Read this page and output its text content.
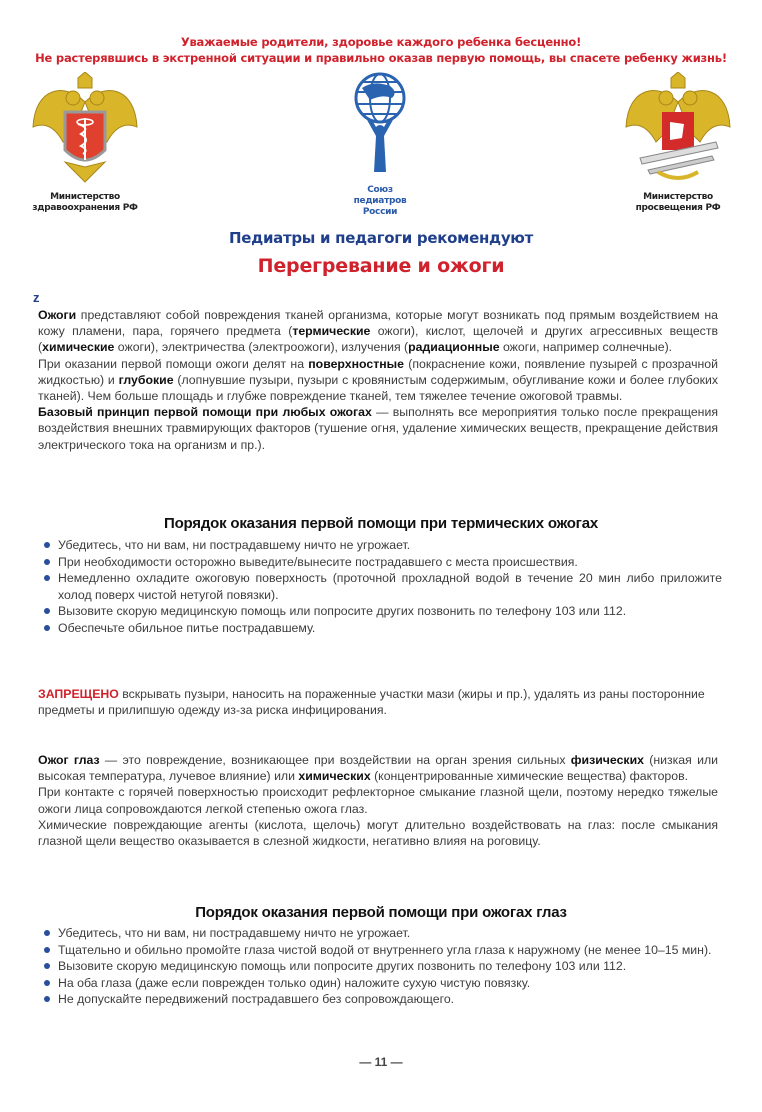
Уважаемые родители, здоровье каждого ребенка бесценно!
Не растерявшись в экстренной ситуации и правильно оказав первую помощь, вы спасете ребенку жизнь!
Министерство
здравоохранения РФ
Союз
педиатров
России
Министерство
просвещения РФ
Педиатры и педагоги рекомендуют
Перегревание и ожоги
z

Ожоги представляют собой повреждения тканей организма, которые могут возникать под прямым воздействием на кожу пламени, пара, горячего предмета (термические ожоги), кислот, щелочей и других агрессивных веществ (химические ожоги), электричества (электроожоги), излучения (радиационные ожоги, например солнечные).

При оказании первой помощи ожоги делят на поверхностные (покраснение кожи, появление пузырей с прозрачной жидкостью) и глубокие (лопнувшие пузыри, пузыри с кровянистым содержимым, обугливание кожи и более глубоких тканей). Чем больше площадь и глубже повреждение тканей, тем тяжелее течение ожоговой травмы.

Базовый принцип первой помощи при любых ожогах — выполнять все мероприятия только после прекращения воздействия внешних травмирующих факторов (тушение огня, удаление химических веществ, прекращение действия электрического тока на организм и пр.).

Порядок оказания первой помощи при термических ожогах
Убедитесь, что ни вам, ни пострадавшему ничто не угрожает.
При необходимости осторожно выведите/вынесите пострадавшего с места происшествия.
Немедленно охладите ожоговую поверхность (проточной прохладной водой в течение 20 мин либо приложите холод поверх чистой нетугой повязки).
Вызовите скорую медицинскую помощь или попросите других позвонить по телефону 103 или 112.
Обеспечьте обильное питье пострадавшему.
ЗАПРЕЩЕНО вскрывать пузыри, наносить на пораженные участки мази (жиры и пр.), удалять из раны посторонние предметы и прилипшую одежду из-за риска инфицирования.

Ожог глаз — это повреждение, возникающее при воздействии на орган зрения сильных физических (низкая или высокая температура, лучевое влияние) или химических (концентрированные химические вещества) факторов.

При контакте с горячей поверхностью происходит рефлекторное смыкание глазной щели, поэтому нередко тяжелые ожоги лица сопровождаются легкой степенью ожога глаз.

Химические повреждающие агенты (кислота, щелочь) могут длительно воздействовать на глаз: после смыкания глазной щели вещество оказывается в слезной жидкости, негативно влияя на роговицу.

Порядок оказания первой помощи при ожогах глаз
Убедитесь, что ни вам, ни пострадавшему ничто не угрожает.
Тщательно и обильно промойте глаза чистой водой от внутреннего угла глаза к наружному (не менее 10–15 мин).
Вызовите скорую медицинскую помощь или попросите других позвонить по телефону 103 или 112.
На оба глаза (даже если поврежден только один) наложите сухую чистую повязку.
Не допускайте передвижений пострадавшего без сопровождающего.
— 11 —
